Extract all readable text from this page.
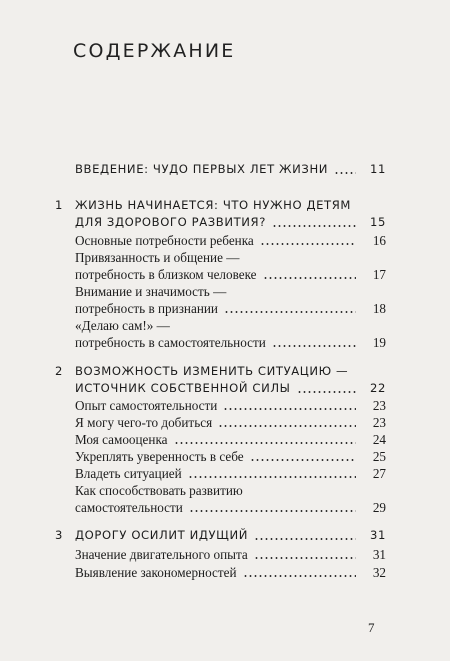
СОДЕРЖАНИЕ
ВВЕДЕНИЕ: ЧУДО ПЕРВЫХ ЛЕТ ЖИЗНИ	11
1 ЖИЗНЬ НАЧИНАЕТСЯ: ЧТО НУЖНО ДЕТЯМ
ДЛЯ ЗДОРОВОГО РАЗВИТИЯ?	15
Основные потребности ребенка	16
Привязанность и общение —
потребность в близком человеке	17
Внимание и значимость —
потребность в признании	18
«Делаю сам!» —
потребность в самостоятельности	19
2 ВОЗМОЖНОСТЬ ИЗМЕНИТЬ СИТУАЦИЮ —
ИСТОЧНИК СОБСТВЕННОЙ СИЛЫ	22
Опыт самостоятельности	23
Я могу чего-то добиться	23
Моя самооценка	24
Укреплять уверенность в себе	25
Владеть ситуацией	27
Как способствовать развитию
самостоятельности	29
3 ДОРОГУ ОСИЛИТ ИДУЩИЙ	31
Значение двигательного опыта	31
Выявление закономерностей	32
7
